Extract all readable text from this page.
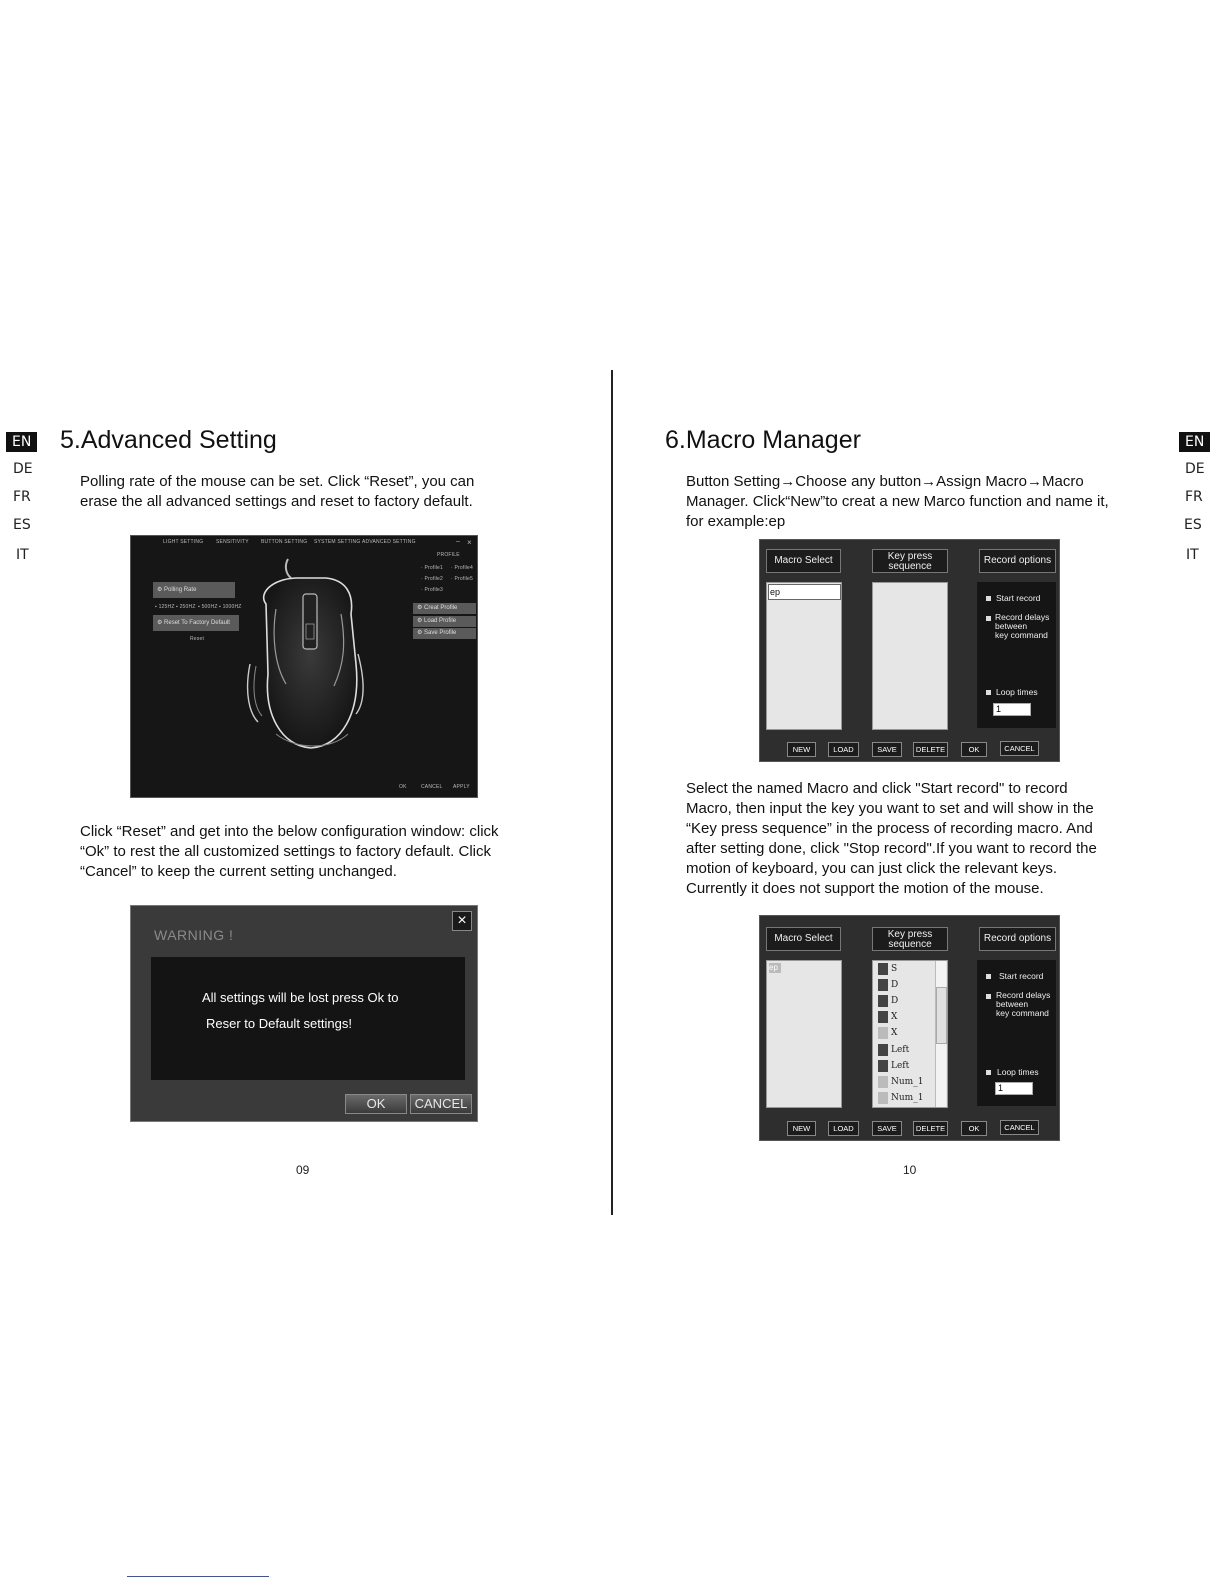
EN
DE
FR
ES
IT
EN
DE
FR
ES
IT
5.Advanced Setting
Polling rate of the mouse can be set. Click “Reset”, you can
erase the all advanced settings and reset to factory default.
LIGHT SETTING	SENSITIVITY BUTTON SETTING SYSTEM SETTING ADVANCED SETTING	– ×
⚙ Polling Rate
▪ 125HZ ▪ 250HZ ▪ 500HZ ▪ 1000HZ
⚙ Reset To Factory Default
Reset
PROFILE
· Profile1
· Profile2
· Profile3
· Profile4
· Profile5
⚙ Creat Profile
⚙ Load Profile
⚙ Save Profile
OK	CANCEL APPLY
Click “Reset” and get into the below configuration window: click
“Ok” to rest the all customized settings to factory default. Click
“Cancel” to keep the current setting unchanged.
WARNING !
×
All settings will be lost press Ok to
Reser to Default settings!
OK	CANCEL
09
6.Macro Manager
Button Setting→Choose any button→Assign Macro→Macro
Manager. Click“New”to creat a new Marco function and name it,
for example:ep
Macro Select	Key press
sequence
Record options
ep
Start record
Record delays
between
key command
Loop times
1
NEW	LOAD	SAVE	DELETE	OK	CANCEL
Select the named Macro and click "Start record" to record
Macro, then input the key you want to set and will show in the
“Key press sequence” in the process of recording macro. And
after setting done, click "Stop record".If you want to record the
motion of keyboard, you can just click the relevant keys.
Currently it does not support the motion of the mouse.
Macro Select	Key press
sequence
Record options
ep	S
D
D
X
X
Left
Left
Num_1
Num_1
Start record
Record delays
between
key command
Loop times
1
NEW	LOAD	SAVE	DELETE	OK	CANCEL
10
